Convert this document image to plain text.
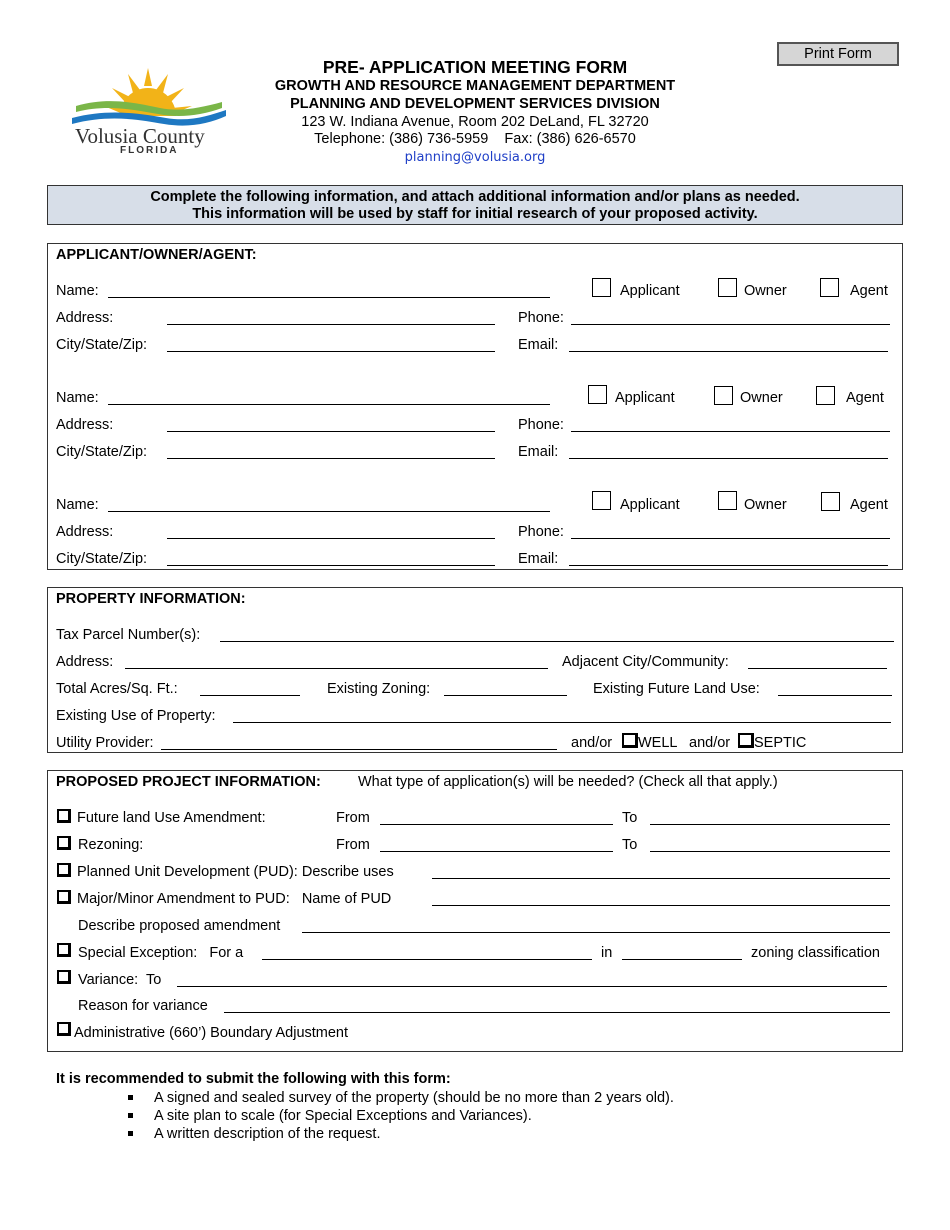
Volusia County
FLORIDA
PRE- APPLICATION MEETING FORM
GROWTH AND RESOURCE MANAGEMENT DEPARTMENT
PLANNING AND DEVELOPMENT SERVICES DIVISION
123 W. Indiana Avenue, Room 202 DeLand, FL 32720
Telephone: (386) 736-5959    Fax: (386) 626-6570
planning@volusia.org
Print Form
Complete the following information, and attach additional information and/or plans as needed.
This information will be used by staff for initial research of your proposed activity.
APPLICANT/OWNER/AGENT:
Name:	Applicant	Owner	Agent
Address:	Phone:
City/State/Zip:	Email:
Name:	Applicant	Owner	Agent
Address:	Phone:
City/State/Zip:	Email:
Name:	Applicant	Owner	Agent
Address:	Phone:
City/State/Zip:	Email:
PROPERTY INFORMATION:
Tax Parcel Number(s):
Address:	Adjacent City/Community:
Total Acres/Sq. Ft.:	Existing Zoning:	Existing Future Land Use:
Existing Use of Property:
Utility Provider:	and/or WELL and/or SEPTIC
PROPOSED PROJECT INFORMATION:	What type of application(s) will be needed? (Check all that apply.)
Future land Use Amendment:	From	To
Rezoning:	From	To
Planned Unit Development (PUD): Describe uses
Major/Minor Amendment to PUD:   Name of PUD
Describe proposed amendment
Special Exception:   For a	in	zoning classification
Variance:  To
Reason for variance
Administrative (660’) Boundary Adjustment
It is recommended to submit the following with this form:
A signed and sealed survey of the property (should be no more than 2 years old).
A site plan to scale (for Special Exceptions and Variances).
A written description of the request.
